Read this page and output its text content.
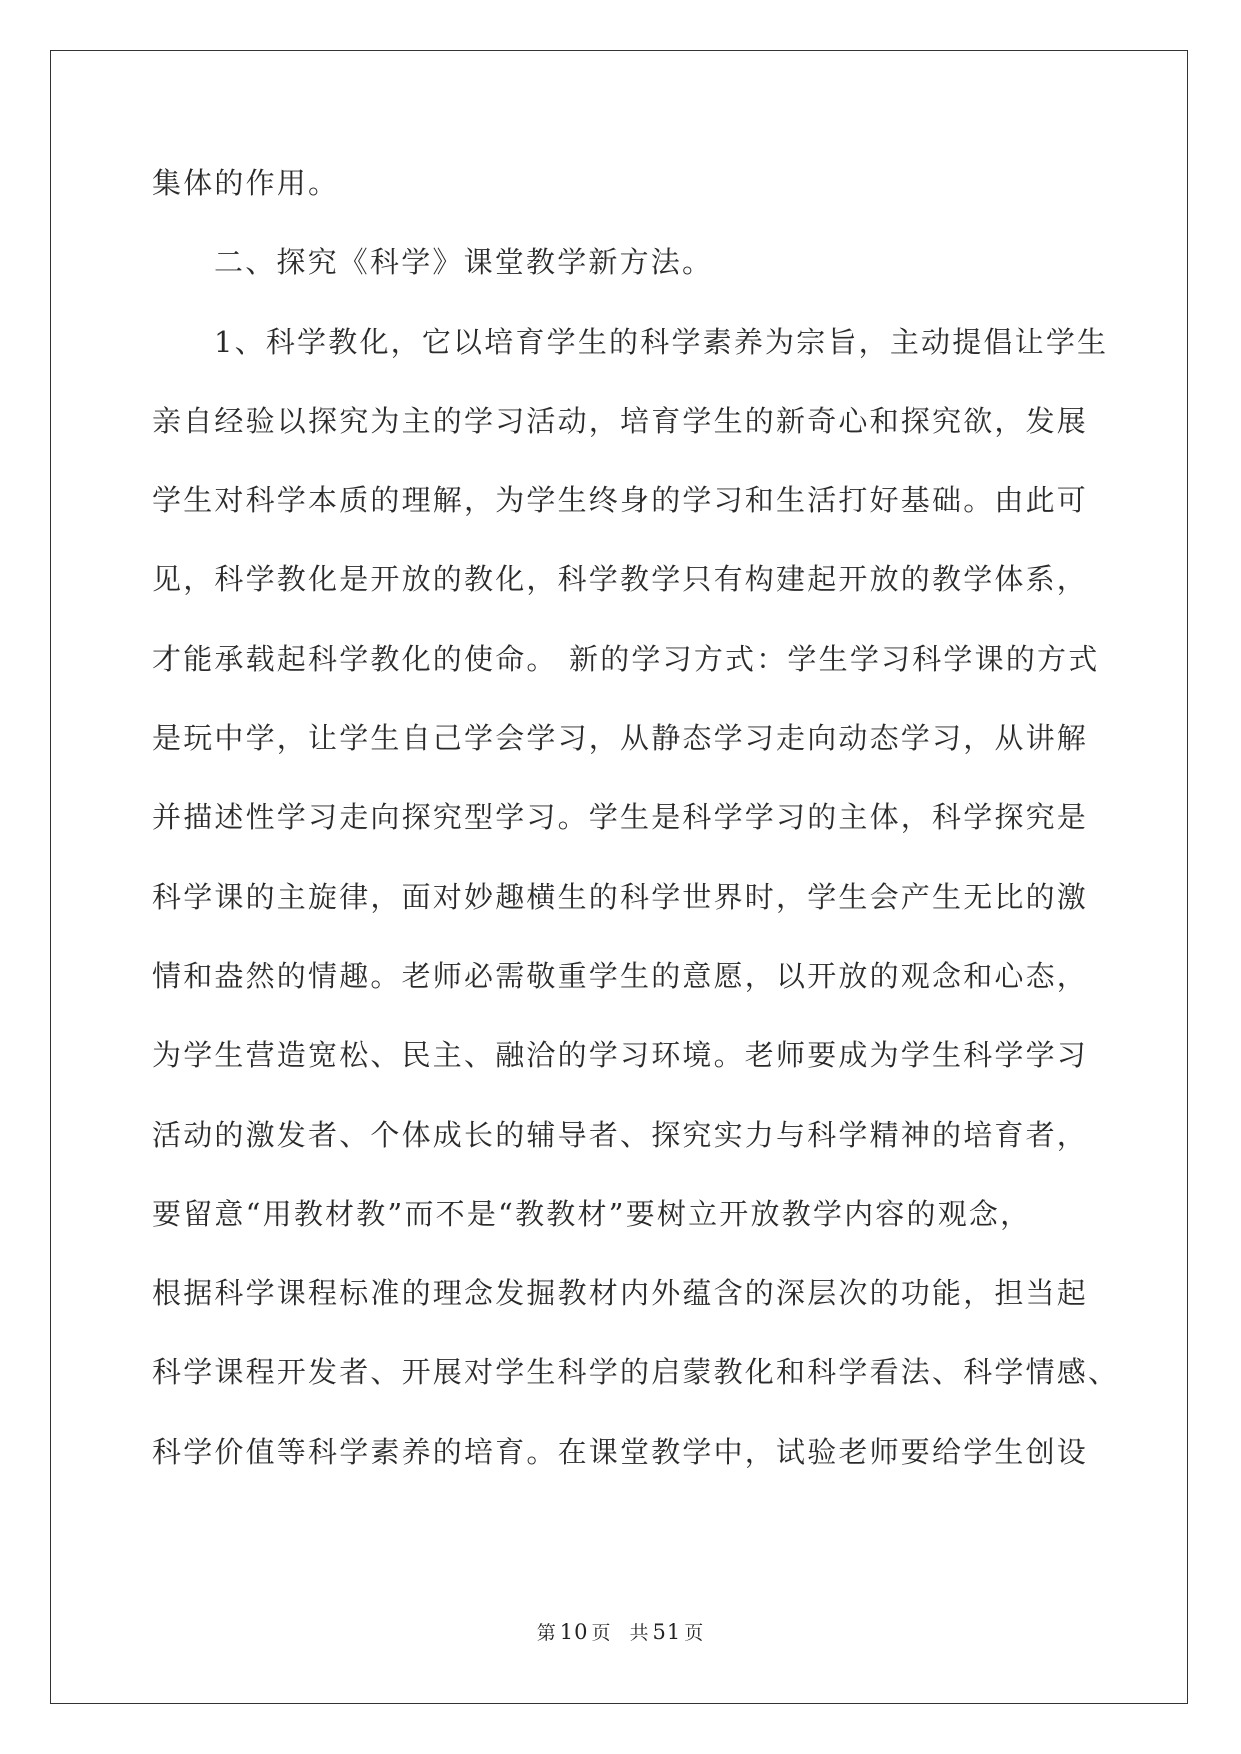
集体的作用。
二、探究《科学》课堂教学新方法。
1、科学教化，它以培育学生的科学素养为宗旨，主动提倡让学生
亲自经验以探究为主的学习活动，培育学生的新奇心和探究欲，发展
学生对科学本质的理解，为学生终身的学习和生活打好基础。由此可
见，科学教化是开放的教化，科学教学只有构建起开放的教学体系，
才能承载起科学教化的使命。 新的学习方式：学生学习科学课的方式
是玩中学，让学生自己学会学习，从静态学习走向动态学习，从讲解
并描述性学习走向探究型学习。学生是科学学习的主体，科学探究是
科学课的主旋律，面对妙趣横生的科学世界时，学生会产生无比的激
情和盎然的情趣。老师必需敬重学生的意愿，以开放的观念和心态，
为学生营造宽松、民主、融洽的学习环境。老师要成为学生科学学习
活动的激发者、个体成长的辅导者、探究实力与科学精神的培育者，
要留意“用教材教”而不是“教教材”要树立开放教学内容的观念，
根据科学课程标准的理念发掘教材内外蕴含的深层次的功能，担当起
科学课程开发者、开展对学生科学的启蒙教化和科学看法、科学情感、
科学价值等科学素养的培育。在课堂教学中，试验老师要给学生创设
第 10 页 共 51 页
